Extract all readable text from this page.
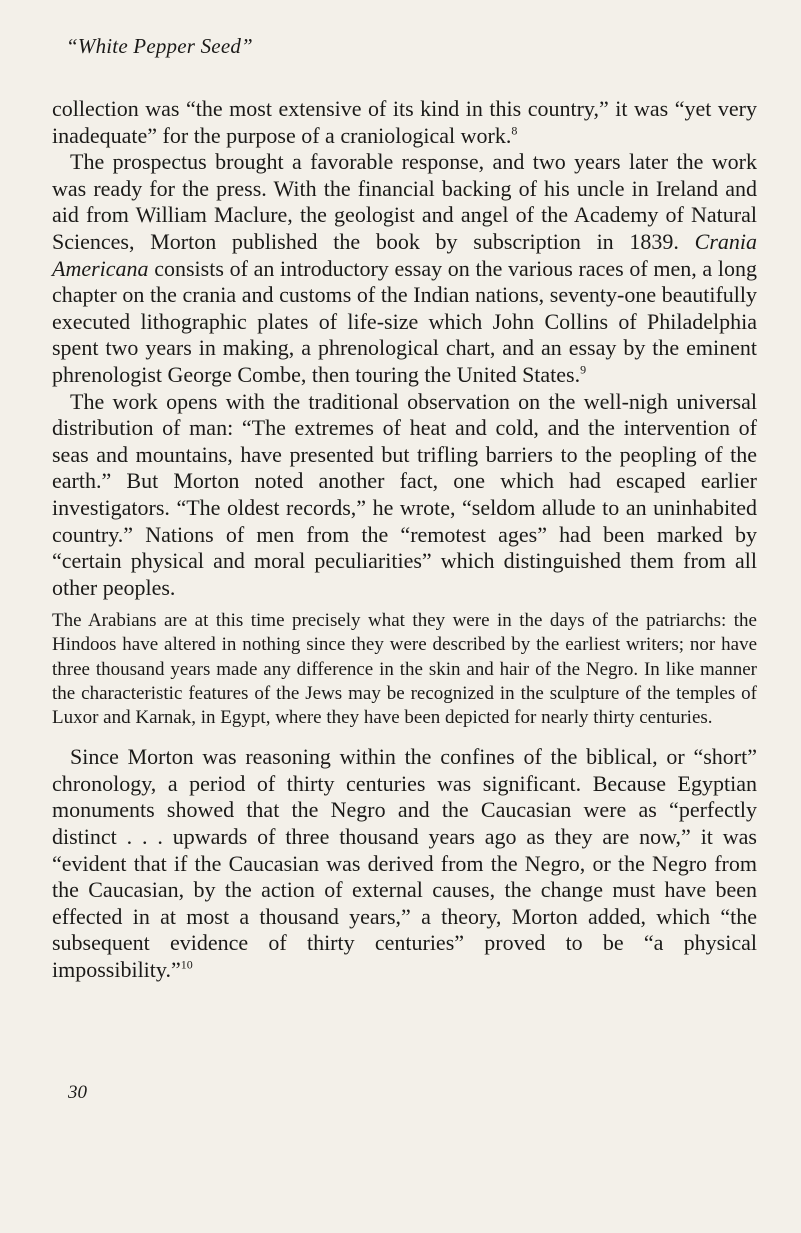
“White Pepper Seed”

collection was “the most extensive of its kind in this country,” it was “yet very inadequate” for the purpose of a craniological work.$^8$

The prospectus brought a favorable response, and two years later the work was ready for the press. With the financial backing of his uncle in Ireland and aid from William Maclure, the geologist and angel of the Academy of Natural Sciences, Morton published the book by subscription in 1839. Crania Americana consists of an introductory essay on the various races of men, a long chapter on the crania and customs of the Indian nations, seventy-one beautifully executed lithographic plates of life-size which John Collins of Philadelphia spent two years in making, a phrenological chart, and an essay by the eminent phrenologist George Combe, then touring the United States.$^9$

The work opens with the traditional observation on the well-nigh universal distribution of man: “The extremes of heat and cold, and the intervention of seas and mountains, have presented but trifling barriers to the peopling of the earth.” But Morton noted another fact, one which had escaped earlier investigators. “The oldest records,” he wrote, “seldom allude to an uninhabited country.” Nations of men from the “remotest ages” had been marked by “certain physical and moral peculiarities” which distinguished them from all other peoples.

The Arabians are at this time precisely what they were in the days of the patriarchs: the Hindoos have altered in nothing since they were described by the earliest writers; nor have three thousand years made any difference in the skin and hair of the Negro. In like manner the characteristic features of the Jews may be recognized in the sculpture of the temples of Luxor and Karnak, in Egypt, where they have been depicted for nearly thirty centuries.

Since Morton was reasoning within the confines of the biblical, or “short” chronology, a period of thirty centuries was significant. Because Egyptian monuments showed that the Negro and the Caucasian were as “perfectly distinct . . . upwards of three thousand years ago as they are now,” it was “evident that if the Caucasian was derived from the Negro, or the Negro from the Caucasian, by the action of external causes, the change must have been effected in at most a thousand years,” a theory, Morton added, which “the subsequent evidence of thirty centuries” proved to be “a physical impossibility.”$^{10}$

30
